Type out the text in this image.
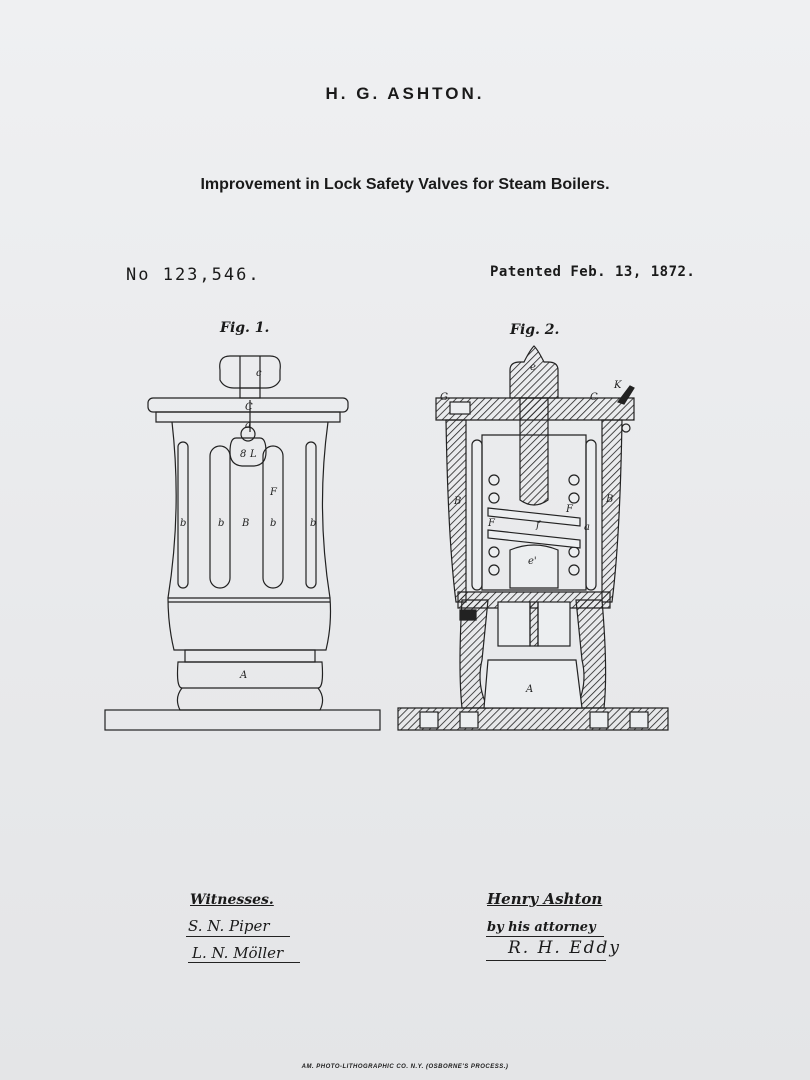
H. G. ASHTON.
Improvement in Lock Safety Valves for Steam Boilers.
No 123,546.	Patented Feb. 13, 1872.
Fig. 1.	Fig. 2.
c
C
a
8 L
F
b	b B b	b
A
e
G	C
K
B	B
F
F
f
e'
A
a
Witnesses.
S. N. Piper
L. N. Möller
Henry Ashton
by his attorney
R. H. Eddy
AM. PHOTO-LITHOGRAPHIC CO. N.Y. (OSBORNE'S PROCESS.)
